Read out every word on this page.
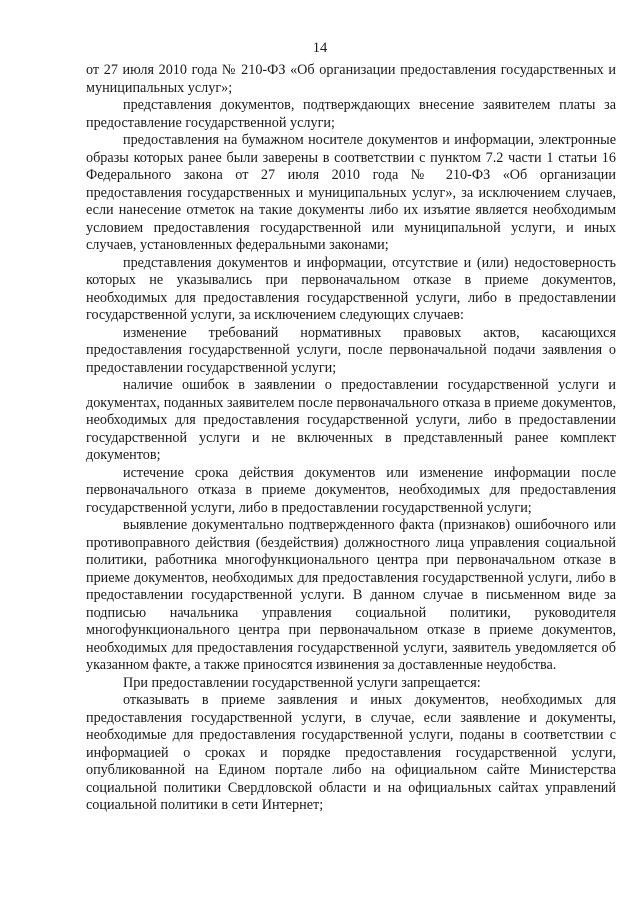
14

от 27 июля 2010 года № 210-ФЗ «Об организации предоставления государственных и муниципальных услуг»;

представления документов, подтверждающих внесение заявителем платы за предоставление государственной услуги;

предоставления на бумажном носителе документов и информации, электронные образы которых ранее были заверены в соответствии с пунктом 7.2 части 1 статьи 16 Федерального закона от 27 июля 2010 года № 210-ФЗ «Об организации предоставления государственных и муниципальных услуг», за исключением случаев, если нанесение отметок на такие документы либо их изъятие является необходимым условием предоставления государственной или муниципальной услуги, и иных случаев, установленных федеральными законами;

представления документов и информации, отсутствие и (или) недостоверность которых не указывались при первоначальном отказе в приеме документов, необходимых для предоставления государственной услуги, либо в предоставлении государственной услуги, за исключением следующих случаев:

изменение требований нормативных правовых актов, касающихся предоставления государственной услуги, после первоначальной подачи заявления о предоставлении государственной услуги;

наличие ошибок в заявлении о предоставлении государственной услуги и документах, поданных заявителем после первоначального отказа в приеме документов, необходимых для предоставления государственной услуги, либо в предоставлении государственной услуги и не включенных в представленный ранее комплект документов;

истечение срока действия документов или изменение информации после первоначального отказа в приеме документов, необходимых для предоставления государственной услуги, либо в предоставлении государственной услуги;

выявление документально подтвержденного факта (признаков) ошибочного или противоправного действия (бездействия) должностного лица управления социальной политики, работника многофункционального центра при первоначальном отказе в приеме документов, необходимых для предоставления государственной услуги, либо в предоставлении государственной услуги. В данном случае в письменном виде за подписью начальника управления социальной политики, руководителя многофункционального центра при первоначальном отказе в приеме документов, необходимых для предоставления государственной услуги, заявитель уведомляется об указанном факте, а также приносятся извинения за доставленные неудобства.

При предоставлении государственной услуги запрещается:

отказывать в приеме заявления и иных документов, необходимых для предоставления государственной услуги, в случае, если заявление и документы, необходимые для предоставления государственной услуги, поданы в соответствии с информацией о сроках и порядке предоставления государственной услуги, опубликованной на Едином портале либо на официальном сайте Министерства социальной политики Свердловской области и на официальных сайтах управлений социальной политики в сети Интернет;
